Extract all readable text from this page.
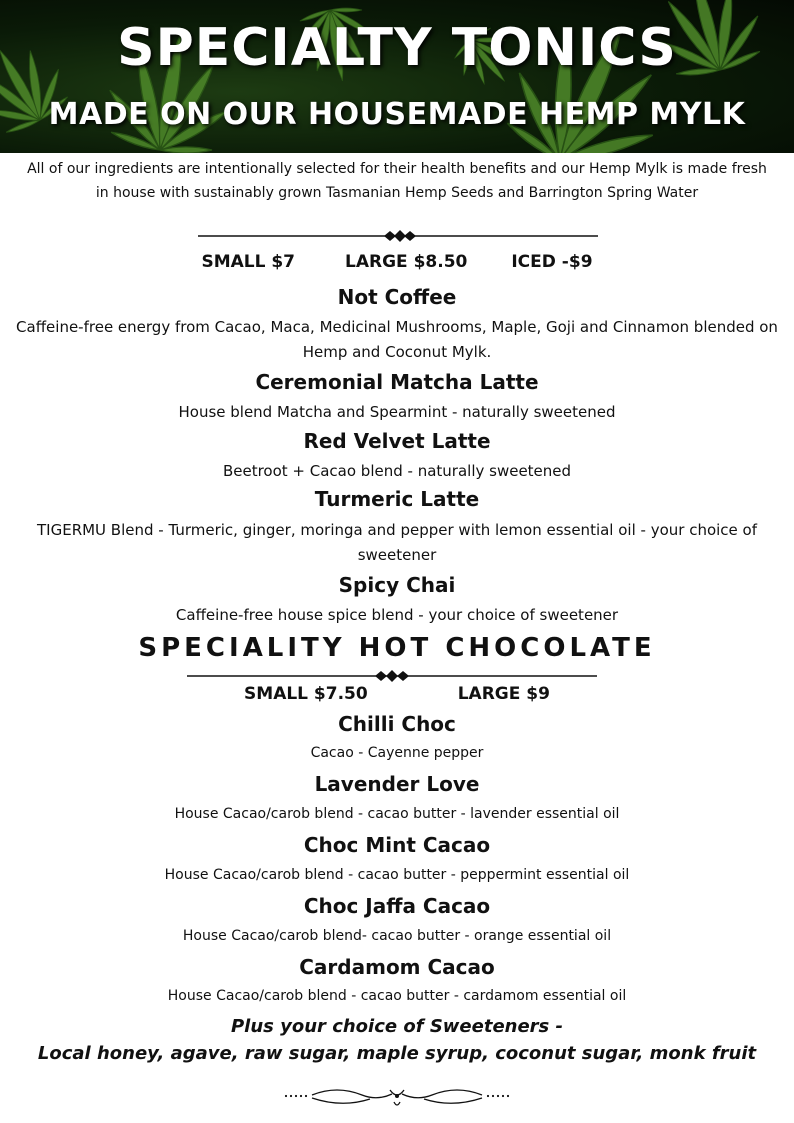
SPECIALTY TONICS
MADE ON OUR HOUSEMADE HEMP MYLK

All of our ingredients are intentionally selected for their health benefits and our Hemp Mylk is made fresh in house with sustainably grown Tasmanian Hemp Seeds and Barrington Spring Water

SMALL $7	LARGE $8.50	ICED -$9

Not Coffee

Caffeine-free energy from Cacao, Maca, Medicinal Mushrooms, Maple, Goji and Cinnamon blended on Hemp and Coconut Mylk.

Ceremonial Matcha Latte

House blend Matcha and Spearmint - naturally sweetened

Red Velvet Latte

Beetroot + Cacao blend - naturally sweetened

Turmeric Latte

TIGERMU Blend - Turmeric, ginger, moringa and pepper with lemon essential oil - your choice of sweetener

Spicy Chai

Caffeine-free house spice blend - your choice of sweetener

SPECIALITY HOT CHOCOLATE

SMALL $7.50	LARGE $9

Chilli Choc

Cacao - Cayenne pepper

Lavender Love

House Cacao/carob blend - cacao butter - lavender essential oil

Choc Mint Cacao

House Cacao/carob blend - cacao butter - peppermint essential oil

Choc Jaffa Cacao

House Cacao/carob blend- cacao butter - orange essential oil

Cardamom Cacao

House Cacao/carob blend - cacao butter - cardamom essential oil

Plus your choice of Sweeteners -

Local honey, agave, raw sugar, maple syrup, coconut sugar, monk fruit
